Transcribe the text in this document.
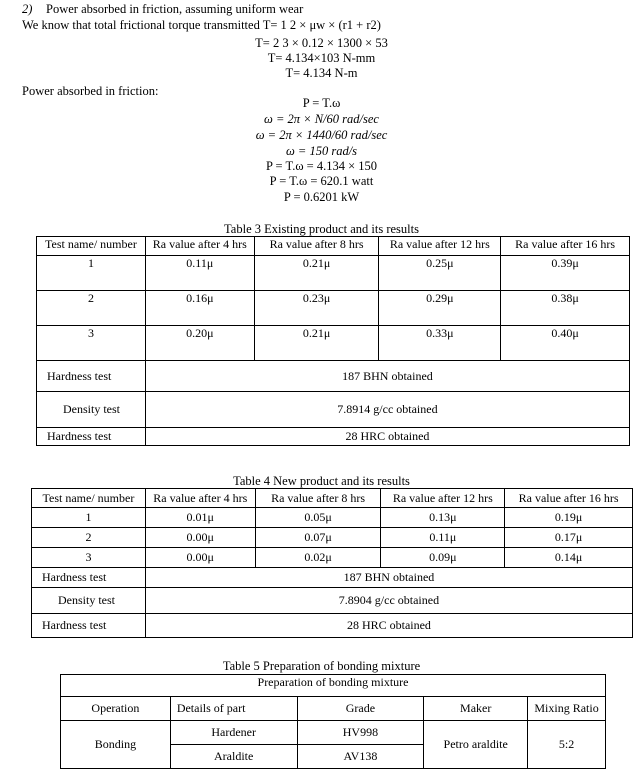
2) Power absorbed in friction, assuming uniform wear
We know that total frictional torque transmitted T= 1 2 × μw × (r1 + r2)
T= 2 3 × 0.12 × 1300 × 53
T= 4.134×103 N-mm
T= 4.134 N-m
Power absorbed in friction:
P = T.ω
ω = 2π × N/60 rad/sec
ω = 2π × 1440/60 rad/sec
ω = 150 rad/s
P = T.ω = 4.134 × 150
P = T.ω = 620.1 watt
P = 0.6201 kW
Table 3 Existing product and its results
Test name/ number	Ra value after 4 hrs	Ra value after 8 hrs	Ra value after 12 hrs	Ra value after 16 hrs
1	0.11μ	0.21μ	0.25μ	0.39μ
2	0.16μ	0.23μ	0.29μ	0.38μ
3	0.20μ	0.21μ	0.33μ	0.40μ
Hardness test	187 BHN obtained			
Density test	7.8914 g/cc obtained			
Hardness test	28 HRC obtained			
Table 4 New product and its results
Test name/ number	Ra value after 4 hrs	Ra value after 8 hrs	Ra value after 12 hrs	Ra value after 16 hrs
1	0.01μ	0.05μ	0.13μ	0.19μ
2	0.00μ	0.07μ	0.11μ	0.17μ
3	0.00μ	0.02μ	0.09μ	0.14μ
Hardness test	187 BHN obtained			
Density test	7.8904 g/cc obtained			
Hardness test	28 HRC obtained			
Table 5 Preparation of bonding mixture
Preparation of bonding mixture				
Operation	Details of part	Grade	Maker	Mixing Ratio
Bonding	Hardener	HV998	Petro araldite	5:2
	Araldite	AV138		
